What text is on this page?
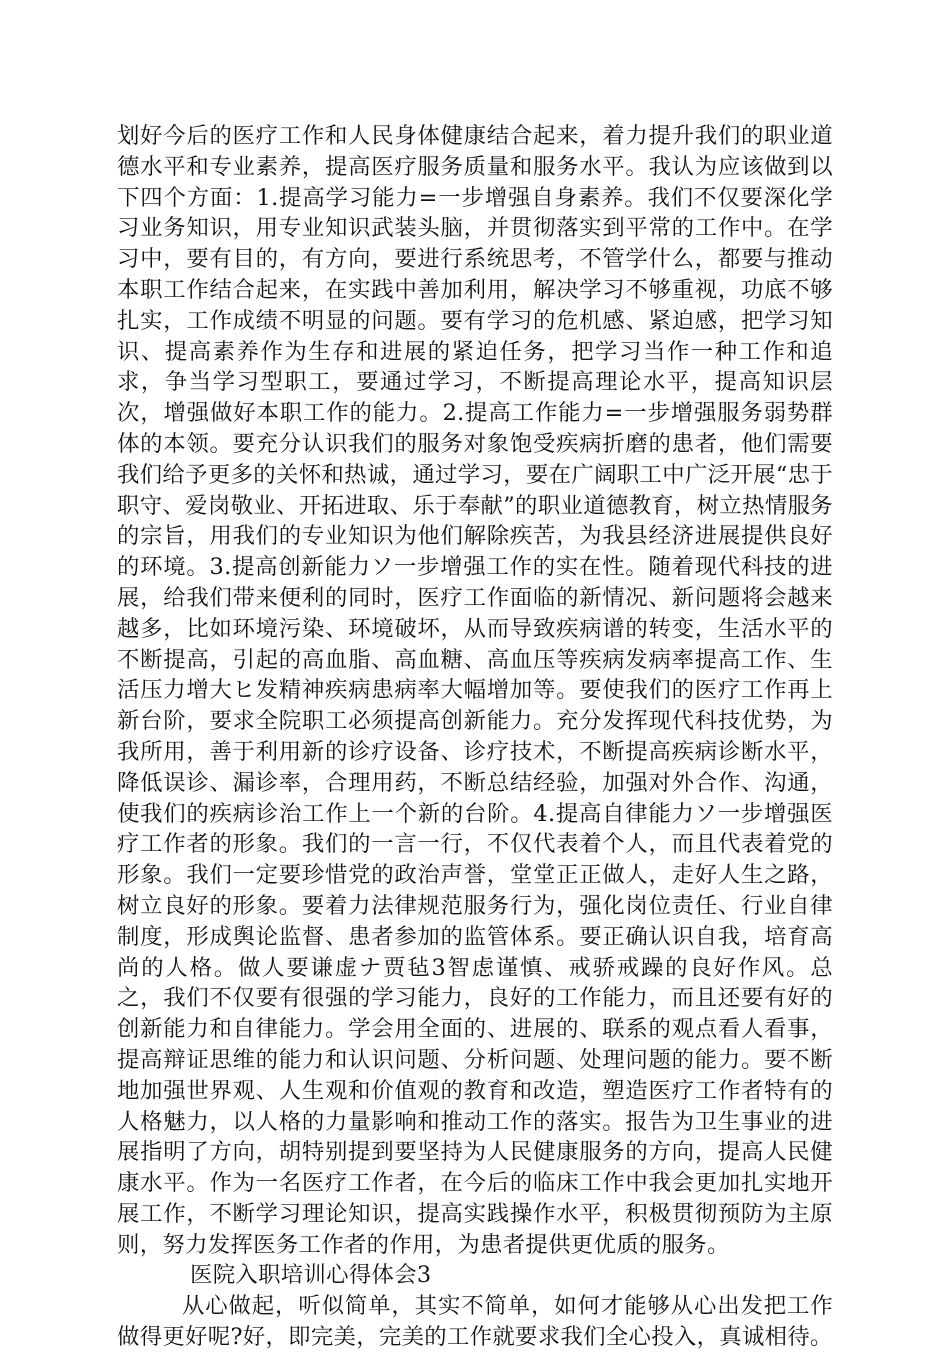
划好今后的医疗工作和人民身体健康结合起来，着力提升我们的职业道德水平和专业素养，提高医疗服务质量和服务水平。我认为应该做到以下四个方面：1.提高学习能力=一步增强自身素养。我们不仅要深化学习业务知识，用专业知识武装头脑，并贯彻落实到平常的工作中。在学习中，要有目的，有方向，要进行系统思考，不管学什么，都要与推动本职工作结合起来，在实践中善加利用，解决学习不够重视，功底不够扎实，工作成绩不明显的问题。要有学习的危机感、紧迫感，把学习知识、提高素养作为生存和进展的紧迫任务，把学习当作一种工作和追求，争当学习型职工，要通过学习，不断提高理论水平，提高知识层次，增强做好本职工作的能力。2.提高工作能力=一步增强服务弱势群体的本领。要充分认识我们的服务对象饱受疾病折磨的患者，他们需要我们给予更多的关怀和热诚，通过学习，要在广阔职工中广泛开展“忠于职守、爱岗敬业、开拓进取、乐于奉献”的职业道德教育，树立热情服务的宗旨，用我们的专业知识为他们解除疾苦，为我县经济进展提供良好的环境。3.提高创新能力ソ一步增强工作的实在性。随着现代科技的进展，给我们带来便利的同时，医疗工作面临的新情况、新问题将会越来越多，比如环境污染、环境破坏，从而导致疾病谱的转变，生活水平的不断提高，引起的高血脂、高血糖、高血压等疾病发病率提高工作、生活压力增大ヒ发精神疾病患病率大幅增加等。要使我们的医疗工作再上新台阶，要求全院职工必须提高创新能力。充分发挥现代科技优势，为我所用，善于利用新的诊疗设备、诊疗技术，不断提高疾病诊断水平，降低误诊、漏诊率，合理用药，不断总结经验，加强对外合作、沟通，使我们的疾病诊治工作上一个新的台阶。4.提高自律能力ソ一步增强医疗工作者的形象。我们的一言一行，不仅代表着个人，而且代表着党的形象。我们一定要珍惜党的政治声誉，堂堂正正做人，走好人生之路，树立良好的形象。要着力法律规范服务行为，强化岗位责任、行业自律制度，形成舆论监督、患者参加的监管体系。要正确认识自我，培育高尚的人格。做人要谦虚ナ贾毡3智虑谨慎、戒骄戒躁的良好作风。总之，我们不仅要有很强的学习能力，良好的工作能力，而且还要有好的创新能力和自律能力。学会用全面的、进展的、联系的观点看人看事，提高辩证思维的能力和认识问题、分析问题、处理问题的能力。要不断地加强世界观、人生观和价值观的教育和改造，塑造医疗工作者特有的人格魅力，以人格的力量影响和推动工作的落实。报告为卫生事业的进展指明了方向，胡特别提到要坚持为人民健康服务的方向，提高人民健康水平。作为一名医疗工作者，在今后的临床工作中我会更加扎实地开展工作，不断学习理论知识，提高实践操作水平，积极贯彻预防为主原则，努力发挥医务工作者的作用，为患者提供更优质的服务。

医院入职培训心得体会3

从心做起，听似简单，其实不简单，如何才能够从心出发把工作做得更好呢?好，即完美，完美的工作就要求我们全心投入，真诚相待。
